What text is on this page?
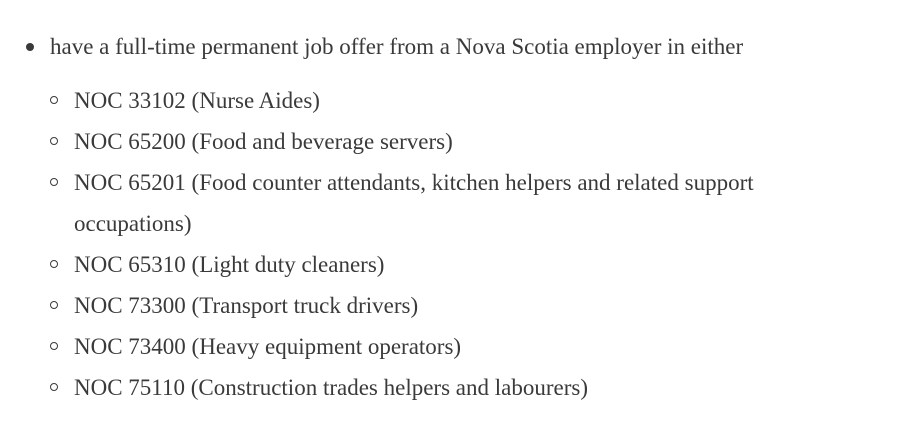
have a full-time permanent job offer from a Nova Scotia employer in either
NOC 33102 (Nurse Aides)
NOC 65200 (Food and beverage servers)
NOC 65201 (Food counter attendants, kitchen helpers and related support occupations)
NOC 65310 (Light duty cleaners)
NOC 73300 (Transport truck drivers)
NOC 73400 (Heavy equipment operators)
NOC 75110 (Construction trades helpers and labourers)
